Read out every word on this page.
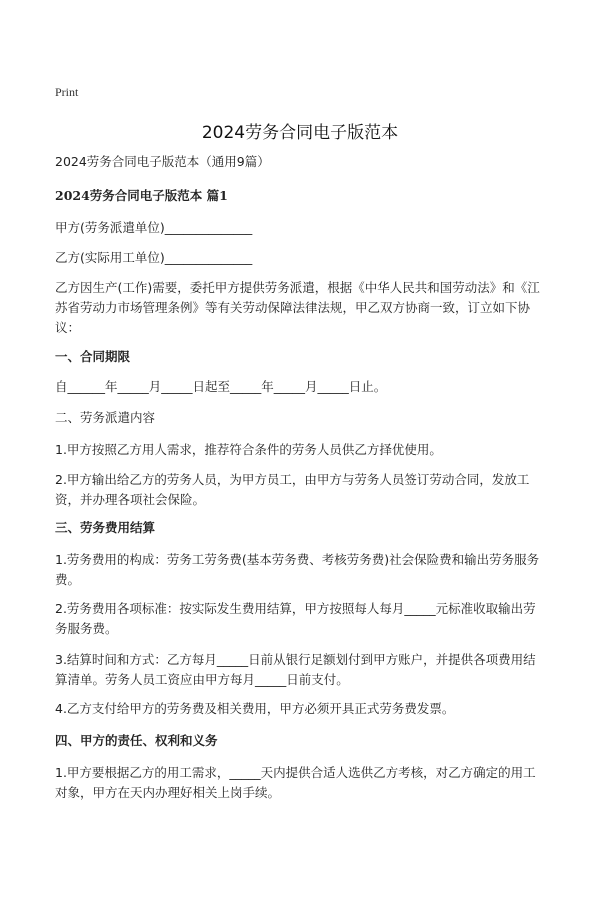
Print
2024劳务合同电子版范本

2024劳务合同电子版范本（通用9篇）

2024劳务合同电子版范本 篇1

甲方(劳务派遣单位)______________

乙方(实际用工单位)______________

乙方因生产(工作)需要，委托甲方提供劳务派遣，根据《中华人民共和国劳动法》和《江苏省劳动力市场管理条例》等有关劳动保障法律法规，甲乙双方协商一致，订立如下协议：

一、合同期限

自______年_____月_____日起至_____年_____月_____日止。

二、劳务派遣内容

1.甲方按照乙方用人需求，推荐符合条件的劳务人员供乙方择优使用。

2.甲方输出给乙方的劳务人员，为甲方员工，由甲方与劳务人员签订劳动合同，发放工资，并办理各项社会保险。

三、劳务费用结算

1.劳务费用的构成：劳务工劳务费(基本劳务费、考核劳务费)社会保险费和输出劳务服务费。

2.劳务费用各项标准：按实际发生费用结算，甲方按照每人每月_____元标准收取输出劳务服务费。

3.结算时间和方式：乙方每月_____日前从银行足额划付到甲方账户，并提供各项费用结算清单。劳务人员工资应由甲方每月_____日前支付。

4.乙方支付给甲方的劳务费及相关费用，甲方必须开具正式劳务费发票。

四、甲方的责任、权利和义务

1.甲方要根据乙方的用工需求，_____天内提供合适人选供乙方考核，对乙方确定的用工对象，甲方在天内办理好相关上岗手续。
